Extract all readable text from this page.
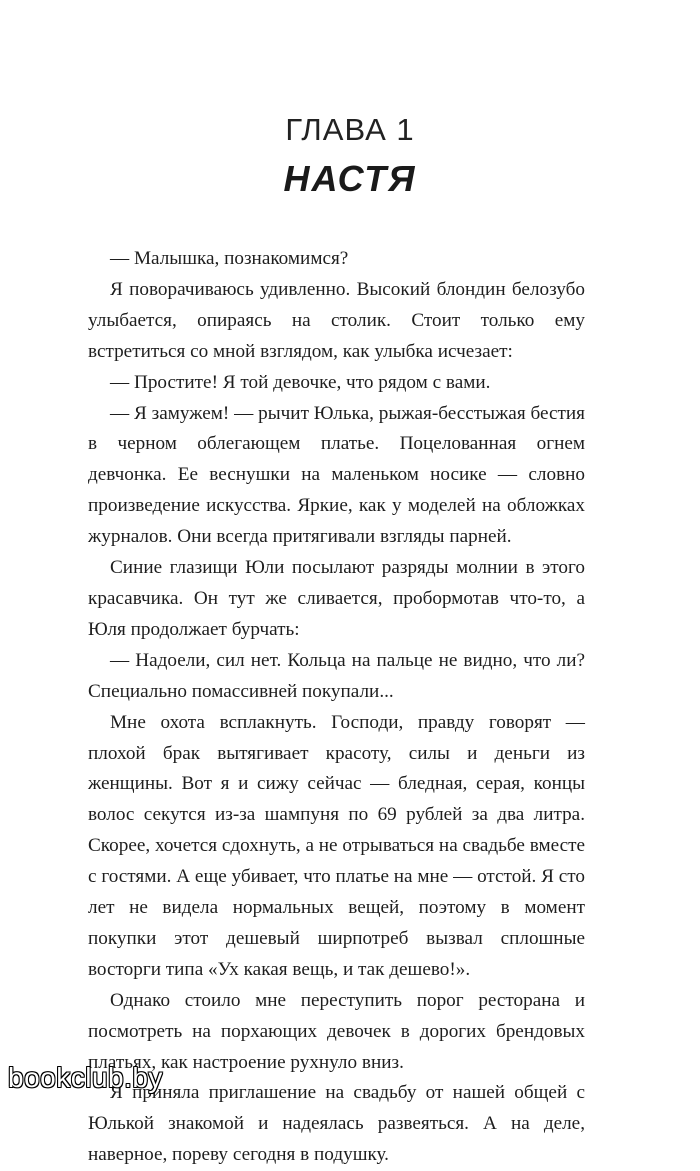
ГЛАВА 1
НАСТЯ

— Малышка, познакомимся?

Я поворачиваюсь удивленно. Высокий блондин белозубо улыбается, опираясь на столик. Стоит только ему встретиться со мной взглядом, как улыбка исчезает:

— Простите! Я той девочке, что рядом с вами.

— Я замужем! — рычит Юлька, рыжая-бесстыжая бестия в черном облегающем платье. Поцелованная огнем девчонка. Ее веснушки на маленьком носике — словно произведение искусства. Яркие, как у моделей на обложках журналов. Они всегда притягивали взгляды парней.

Синие глазищи Юли посылают разряды молнии в этого красавчика. Он тут же сливается, пробормотав что-то, а Юля продолжает бурчать:

— Надоели, сил нет. Кольца на пальце не видно, что ли? Специально помассивней покупали...

Мне охота всплакнуть. Господи, правду говорят — плохой брак вытягивает красоту, силы и деньги из женщины. Вот я и сижу сейчас — бледная, серая, концы волос секутся из-за шампуня по 69 рублей за два литра. Скорее, хочется сдохнуть, а не отрываться на свадьбе вместе с гостями. А еще убивает, что платье на мне — отстой. Я сто лет не видела нормальных вещей, поэтому в момент покупки этот дешевый ширпотреб вызвал сплошные восторги типа «Ух какая вещь, и так дешево!».

Однако стоило мне переступить порог ресторана и посмотреть на порхающих девочек в дорогих брендовых платьях, как настроение рухнуло вниз.

Я приняла приглашение на свадьбу от нашей общей с Юлькой знакомой и надеялась развеяться. А на деле, наверное, пореву сегодня в подушку.

bookclub.by
